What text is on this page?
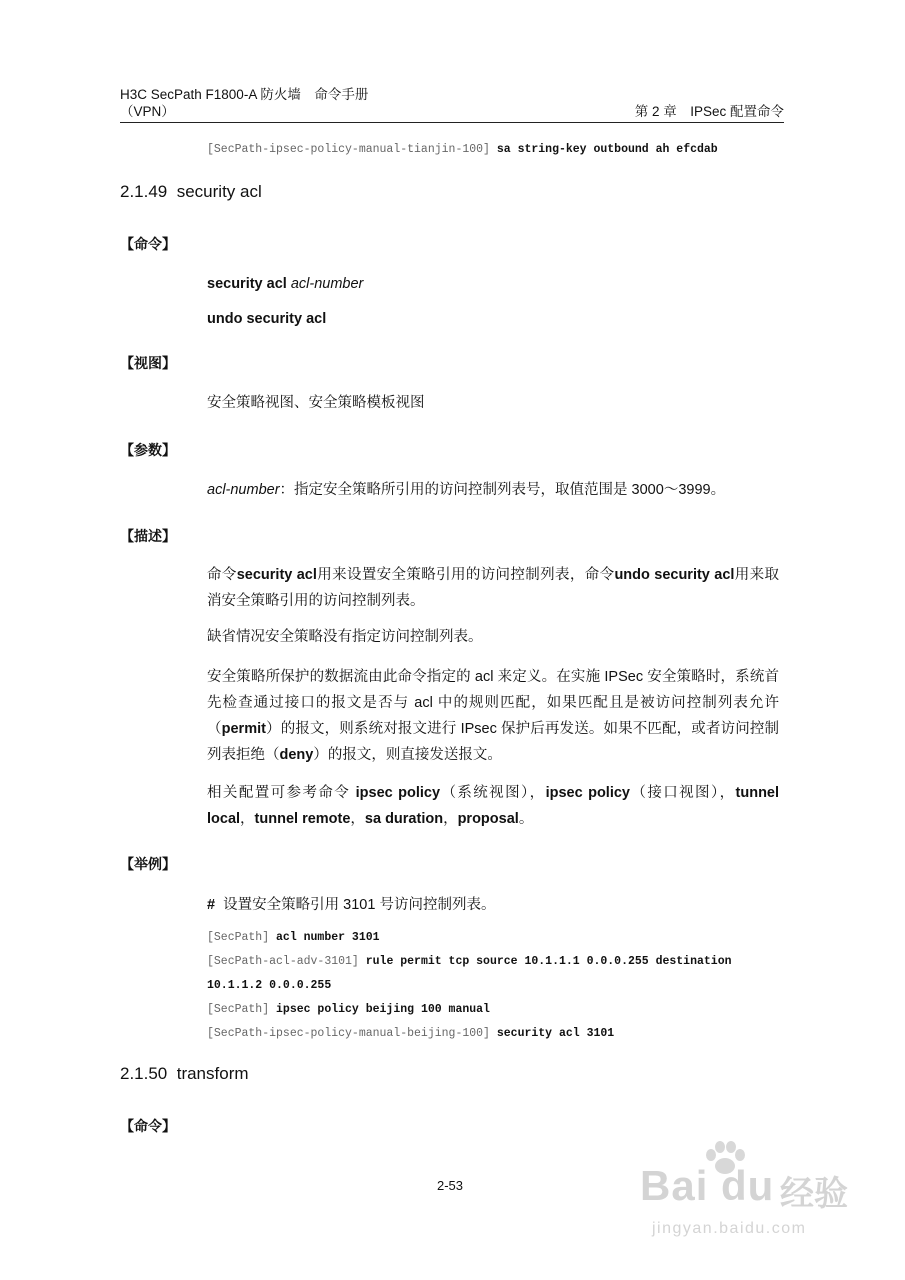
H3C SecPath F1800-A 防火墙　命令手册
（VPN）	第 2 章　IPSec 配置命令
[SecPath-ipsec-policy-manual-tianjin-100] sa string-key outbound ah efcdab
2.1.49 security acl
【命令】
security acl acl-number
undo security acl
【视图】
安全策略视图、安全策略模板视图
【参数】
acl-number：指定安全策略所引用的访问控制列表号，取值范围是 3000～3999。
【描述】
命令security acl用来设置安全策略引用的访问控制列表，命令undo security acl用来取消安全策略引用的访问控制列表。
缺省情况安全策略没有指定访问控制列表。
安全策略所保护的数据流由此命令指定的 acl 来定义。在实施 IPSec 安全策略时，系统首先检查通过接口的报文是否与 acl 中的规则匹配，如果匹配且是被访问控制列表允许（permit）的报文，则系统对报文进行 IPsec 保护后再发送。如果不匹配，或者访问控制列表拒绝（deny）的报文，则直接发送报文。
相关配置可参考命令 ipsec policy（系统视图），ipsec policy（接口视图），tunnel local，tunnel remote，sa duration，proposal。
【举例】
# 设置安全策略引用 3101 号访问控制列表。
[SecPath] acl number 3101
[SecPath-acl-adv-3101] rule permit tcp source 10.1.1.1 0.0.0.255 destination
10.1.1.2 0.0.0.255
[SecPath] ipsec policy beijing 100 manual
[SecPath-ipsec-policy-manual-beijing-100] security acl 3101
2.1.50 transform
【命令】
2-53	Bai du 经验
jingyan.baidu.com
